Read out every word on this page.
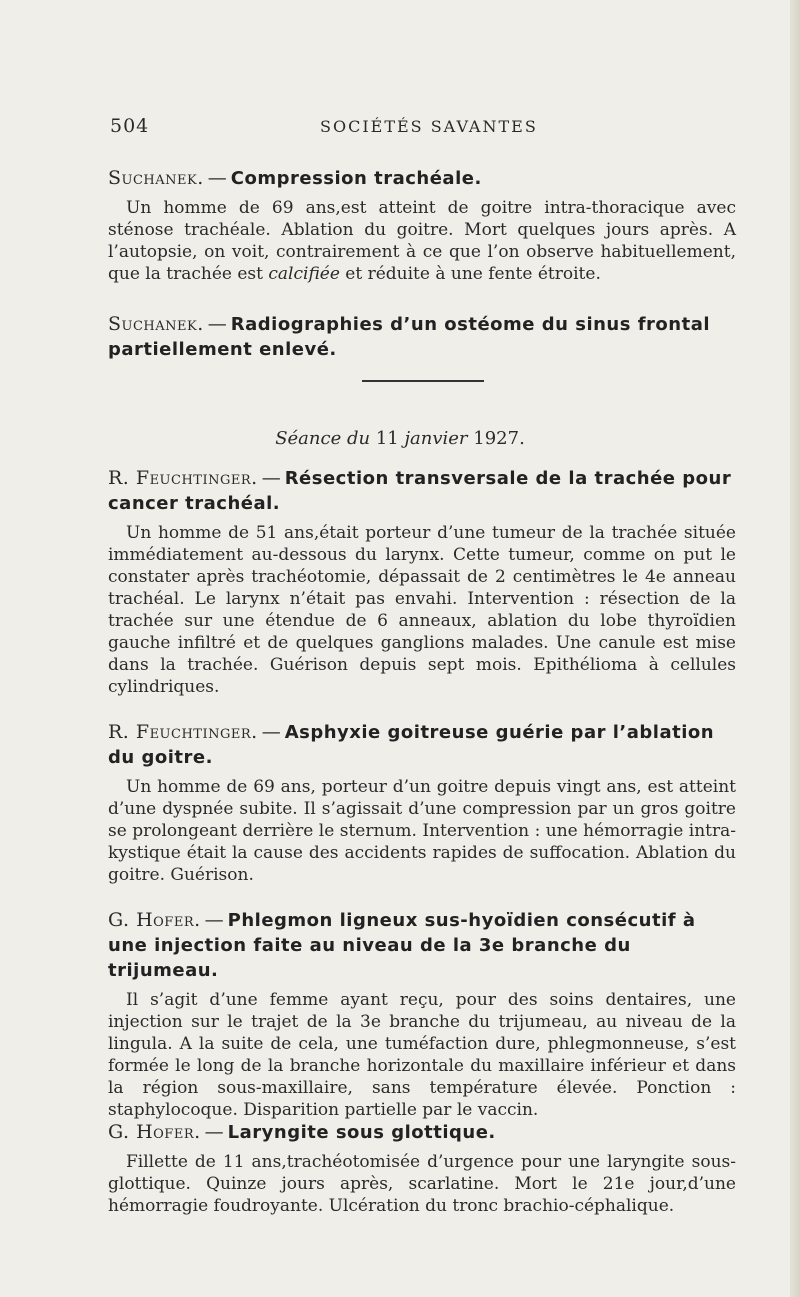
504	SOCIÉTÉS SAVANTES

Suchanek. — Compression trachéale.

Un homme de 69 ans,est atteint de goitre intra-thoracique avec sténose trachéale. Ablation du goitre. Mort quelques jours après. A l’autopsie, on voit, contrairement à ce que l’on observe habituellement, que la trachée est calcifiée et réduite à une fente étroite.

Suchanek. — Radiographies d’un ostéome du sinus frontal partiellement enlevé.

Séance du 11 janvier 1927.

R. Feuchtinger. — Résection transversale de la trachée pour cancer trachéal.

Un homme de 51 ans,était porteur d’une tumeur de la trachée située immédiatement au-dessous du larynx. Cette tumeur, comme on put le constater après trachéotomie, dépassait de 2 centimètres le 4e anneau trachéal. Le larynx n’était pas envahi. Intervention : résection de la trachée sur une étendue de 6 anneaux, ablation du lobe thyroïdien gauche infiltré et de quelques ganglions malades. Une canule est mise dans la trachée. Guérison depuis sept mois. Epithélioma à cellules cylindriques.

R. Feuchtinger. — Asphyxie goitreuse guérie par l’ablation du goitre.

Un homme de 69 ans, porteur d’un goitre depuis vingt ans, est atteint d’une dyspnée subite. Il s’agissait d’une compression par un gros goitre se prolongeant derrière le sternum. Intervention : une hémorragie intra-kystique était la cause des accidents rapides de suffocation. Ablation du goitre. Guérison.

G. Hofer. — Phlegmon ligneux sus-hyoïdien consécutif à une injection faite au niveau de la 3e branche du trijumeau.

Il s’agit d’une femme ayant reçu, pour des soins dentaires, une injection sur le trajet de la 3e branche du trijumeau, au niveau de la lingula. A la suite de cela, une tuméfaction dure, phlegmonneuse, s’est formée le long de la branche horizontale du maxillaire inférieur et dans la région sous-maxillaire, sans température élevée. Ponction : staphylocoque. Disparition partielle par le vaccin.

G. Hofer. — Laryngite sous glottique.

Fillette de 11 ans,trachéotomisée d’urgence pour une laryngite sous-glottique. Quinze jours après, scarlatine. Mort le 21e jour,d’une hémorragie foudroyante. Ulcération du tronc brachio-céphalique.
